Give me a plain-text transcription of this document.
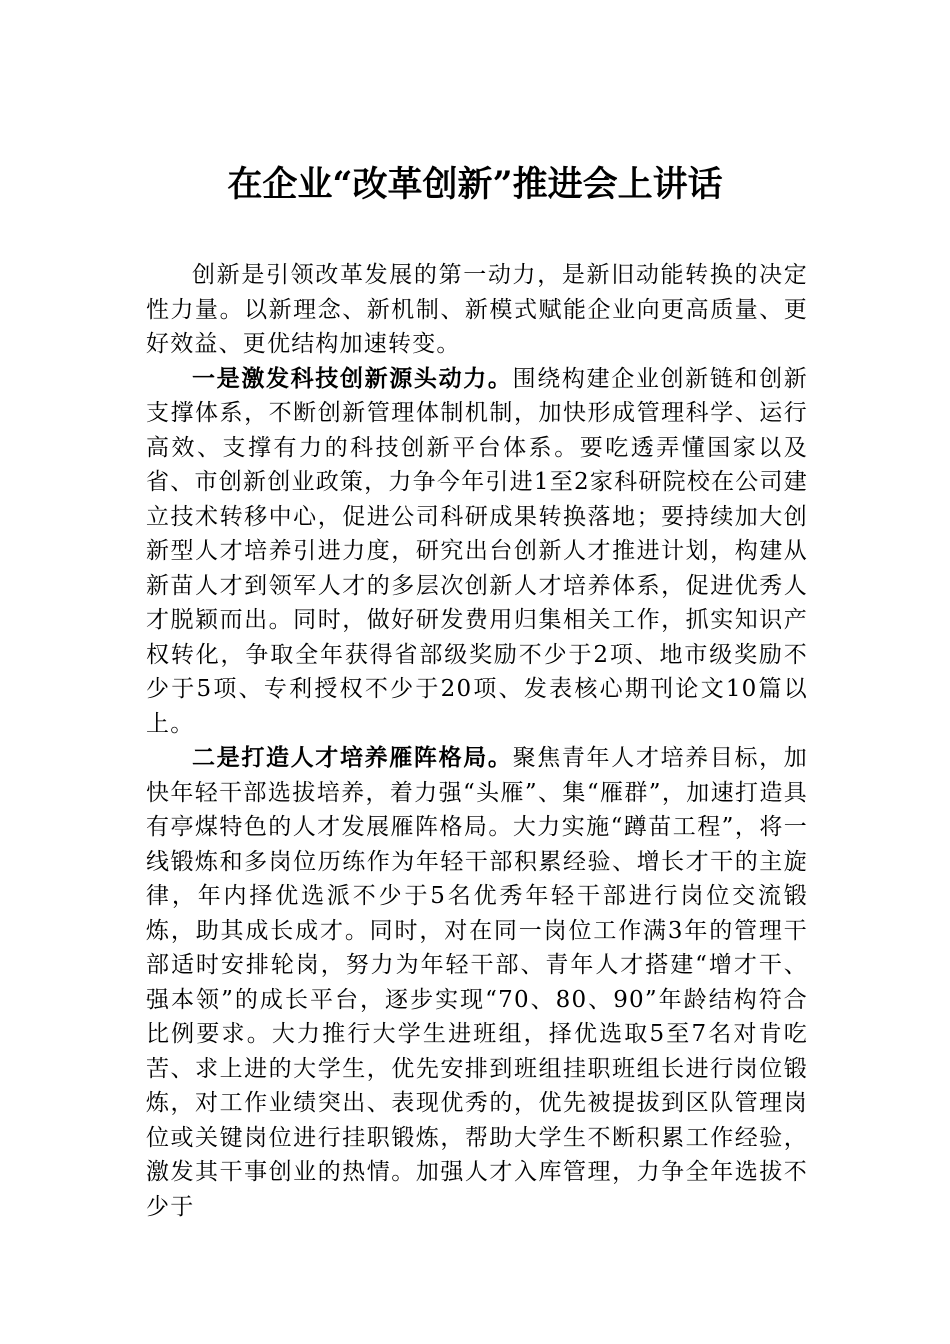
在企业“改革创新”推进会上讲话

创新是引领改革发展的第一动力，是新旧动能转换的决定性力量。以新理念、新机制、新模式赋能企业向更高质量、更好效益、更优结构加速转变。

一是激发科技创新源头动力。围绕构建企业创新链和创新支撑体系，不断创新管理体制机制，加快形成管理科学、运行高效、支撑有力的科技创新平台体系。要吃透弄懂国家以及省、市创新创业政策，力争今年引进1至2家科研院校在公司建立技术转移中心，促进公司科研成果转换落地；要持续加大创新型人才培养引进力度，研究出台创新人才推进计划，构建从新苗人才到领军人才的多层次创新人才培养体系，促进优秀人才脱颖而出。同时，做好研发费用归集相关工作，抓实知识产权转化，争取全年获得省部级奖励不少于2项、地市级奖励不少于5项、专利授权不少于20项、发表核心期刊论文10篇以上。

二是打造人才培养雁阵格局。聚焦青年人才培养目标，加快年轻干部选拔培养，着力强“头雁”、集“雁群”，加速打造具有亭煤特色的人才发展雁阵格局。大力实施“蹲苗工程”，将一线锻炼和多岗位历练作为年轻干部积累经验、增长才干的主旋律，年内择优选派不少于5名优秀年轻干部进行岗位交流锻炼，助其成长成才。同时，对在同一岗位工作满3年的管理干部适时安排轮岗，努力为年轻干部、青年人才搭建“增才干、强本领”的成长平台，逐步实现“70、80、90”年龄结构符合比例要求。大力推行大学生进班组，择优选取5至7名对肯吃苦、求上进的大学生，优先安排到班组挂职班组长进行岗位锻炼，对工作业绩突出、表现优秀的，优先被提拔到区队管理岗位或关键岗位进行挂职锻炼，帮助大学生不断积累工作经验，激发其干事创业的热情。加强人才入库管理，力争全年选拔不少于
